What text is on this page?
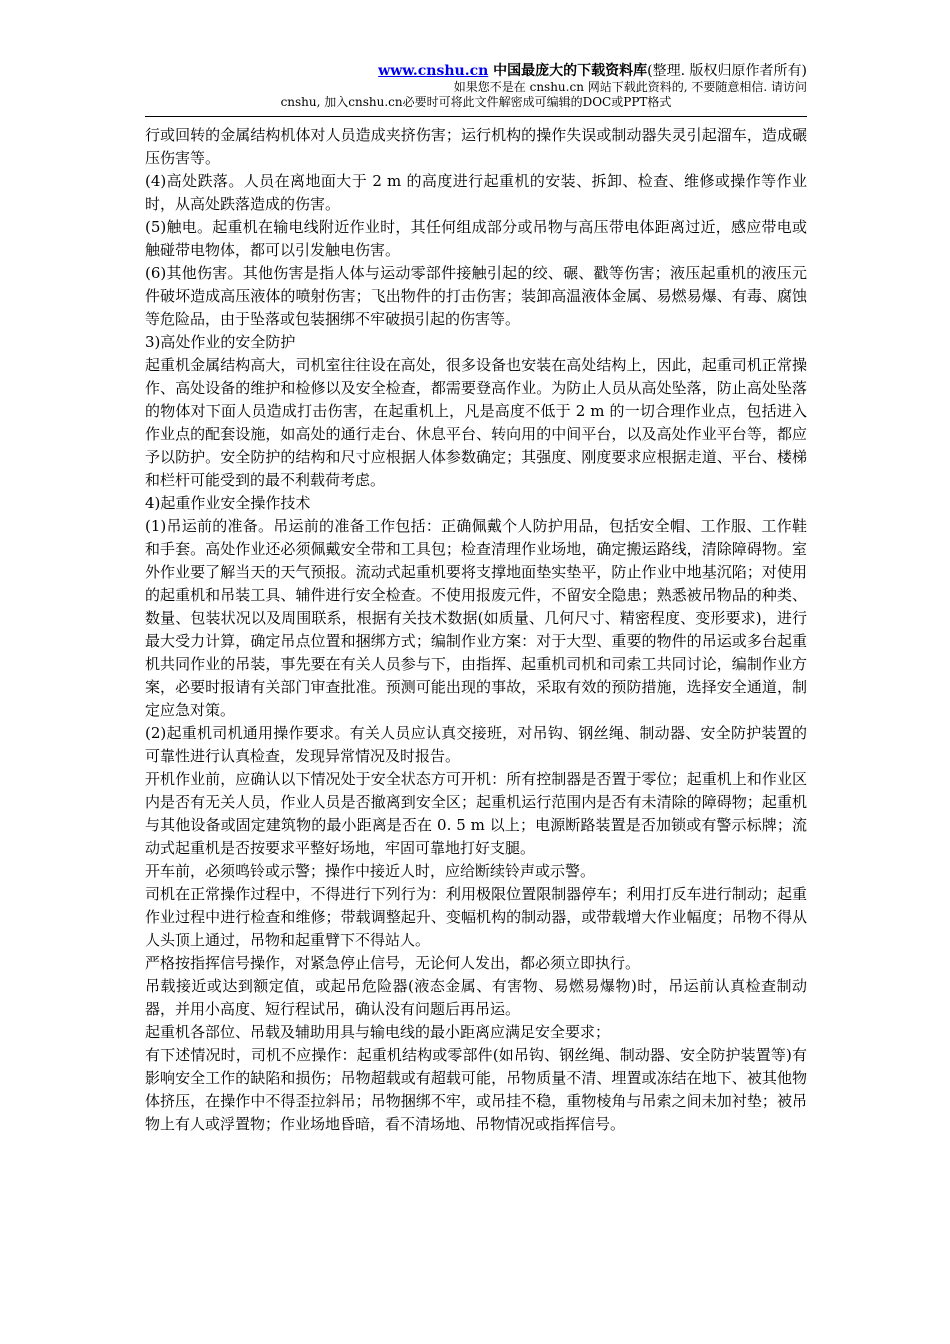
www.cnshu.cn 中国最庞大的下载资料库(整理. 版权归原作者所有)
如果您不是在 cnshu.cn 网站下载此资料的, 不要随意相信. 请访问
cnshu, 加入cnshu.cn必要时可将此文件解密成可编辑的DOC或PPT格式

行或回转的金属结构机体对人员造成夹挤伤害；运行机构的操作失误或制动器失灵引起溜车，造成碾压伤害等。

(4)高处跌落。人员在离地面大于 2 m 的高度进行起重机的安装、拆卸、检查、维修或操作等作业时，从高处跌落造成的伤害。

(5)触电。起重机在输电线附近作业时，其任何组成部分或吊物与高压带电体距离过近，感应带电或触碰带电物体，都可以引发触电伤害。

(6)其他伤害。其他伤害是指人体与运动零部件接触引起的绞、碾、戳等伤害；液压起重机的液压元件破坏造成高压液体的喷射伤害；飞出物件的打击伤害；装卸高温液体金属、易燃易爆、有毒、腐蚀等危险品，由于坠落或包装捆绑不牢破损引起的伤害等。

3)高处作业的安全防护

起重机金属结构高大，司机室往往设在高处，很多设备也安装在高处结构上，因此，起重司机正常操作、高处设备的维护和检修以及安全检查，都需要登高作业。为防止人员从高处坠落，防止高处坠落的物体对下面人员造成打击伤害，在起重机上，凡是高度不低于 2 m 的一切合理作业点，包括进入作业点的配套设施，如高处的通行走台、休息平台、转向用的中间平台，以及高处作业平台等，都应予以防护。安全防护的结构和尺寸应根据人体参数确定；其强度、刚度要求应根据走道、平台、楼梯和栏杆可能受到的最不利载荷考虑。

4)起重作业安全操作技术

(1)吊运前的准备。吊运前的准备工作包括：正确佩戴个人防护用品，包括安全帽、工作服、工作鞋和手套。高处作业还必须佩戴安全带和工具包；检查清理作业场地，确定搬运路线，清除障碍物。室外作业要了解当天的天气预报。流动式起重机要将支撑地面垫实垫平，防止作业中地基沉陷；对使用的起重机和吊装工具、辅件进行安全检查。不使用报废元件，不留安全隐患；熟悉被吊物品的种类、数量、包装状况以及周围联系，根据有关技术数据(如质量、几何尺寸、精密程度、变形要求)，进行最大受力计算，确定吊点位置和捆绑方式；编制作业方案：对于大型、重要的物件的吊运或多台起重机共同作业的吊装，事先要在有关人员参与下，由指挥、起重机司机和司索工共同讨论，编制作业方案，必要时报请有关部门审查批准。预测可能出现的事故，采取有效的预防措施，选择安全通道，制定应急对策。

(2)起重机司机通用操作要求。有关人员应认真交接班，对吊钩、钢丝绳、制动器、安全防护装置的可靠性进行认真检查，发现异常情况及时报告。

开机作业前，应确认以下情况处于安全状态方可开机：所有控制器是否置于零位；起重机上和作业区内是否有无关人员，作业人员是否撤离到安全区；起重机运行范围内是否有未清除的障碍物；起重机与其他设备或固定建筑物的最小距离是否在 0. 5 m 以上；电源断路装置是否加锁或有警示标牌；流动式起重机是否按要求平整好场地，牢固可靠地打好支腿。

开车前，必须鸣铃或示警；操作中接近人时，应给断续铃声或示警。

司机在正常操作过程中，不得进行下列行为：利用极限位置限制器停车；利用打反车进行制动；起重作业过程中进行检查和维修；带载调整起升、变幅机构的制动器，或带载增大作业幅度；吊物不得从人头顶上通过，吊物和起重臂下不得站人。

严格按指挥信号操作，对紧急停止信号，无论何人发出，都必须立即执行。

吊载接近或达到额定值，或起吊危险器(液态金属、有害物、易燃易爆物)时，吊运前认真检查制动器，并用小高度、短行程试吊，确认没有问题后再吊运。

起重机各部位、吊载及辅助用具与输电线的最小距离应满足安全要求；

有下述情况时，司机不应操作：起重机结构或零部件(如吊钩、钢丝绳、制动器、安全防护装置等)有影响安全工作的缺陷和损伤；吊物超载或有超载可能，吊物质量不清、埋置或冻结在地下、被其他物体挤压，在操作中不得歪拉斜吊；吊物捆绑不牢，或吊挂不稳，重物棱角与吊索之间未加衬垫；被吊物上有人或浮置物；作业场地昏暗，看不清场地、吊物情况或指挥信号。
